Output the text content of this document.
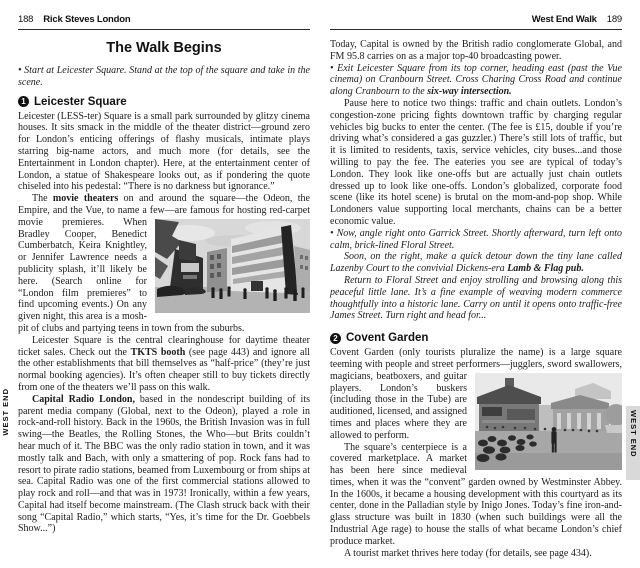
188 Rick Steves London
The Walk Begins

• Start at Leicester Square. Stand at the top of the square and take in the scene.

1 Leicester Square

Leicester (LESS-ter) Square is a small park surrounded by glitzy cinema houses. It sits smack in the middle of the theater district—ground zero for London’s enticing offerings of flashy musicals, intimate plays starring big-name actors, and much more (for details, see the Entertainment in London chapter). Here, at the entertainment center of London, a statue of Shakespeare looks out, as if pondering the quote chiseled into his pedestal: “There is no darkness but ignorance.”

The movie theaters on and around the square—the Odeon, the Empire, and the Vue, to name a few—are famous for hosting
red-carpet movie premieres. When Bradley Cooper, Benedict Cumberbatch, Keira Knightley, or Jennifer Lawrence needs a publicity splash, it’ll likely be here. (Search online for “London film premieres” to find upcoming events.) On any given night, this area is a mosh-pit of clubs and partying teens in town from the suburbs.

Leicester Square is the central clearinghouse for daytime theater ticket sales. Check out the TKTS booth (see page 443) and ignore all the other establishments that bill themselves as “half-price” (they’re just normal booking agencies). It’s often cheaper still to buy tickets directly from one of the theaters we’ll pass on this walk.

Capital Radio London, based in the nondescript building of its parent media company (Global, next to the Odeon), played a role in rock-and-roll history. Back in the 1960s, the British Invasion was in full swing—the Beatles, the Rolling Stones, the Who—but Brits couldn’t hear much of it. The BBC was the only radio station in town, and it was mostly talk and Bach, with only a smattering of pop. Rock fans had to resort to pirate radio stations, beamed from Luxembourg or from ships at sea. Capital Radio was one of the first commercial stations allowed to play rock and roll—and that was in 1973! Ironically, within a few years, Capital had itself become mainstream. (The Clash struck back with their song “Capital Radio,” which starts, “Yes, it’s time for the Dr. Goebbels Show...”)

West End Walk 189

Today, Capital is owned by the British radio conglomerate Global, and FM 95.8 carries on as a major top-40 broadcasting power.

• Exit Leicester Square from its top corner, heading east (past the Vue cinema) on Cranbourn Street. Cross Charing Cross Road and continue along Cranbourn to the six-way intersection.

Pause here to notice two things: traffic and chain outlets. London’s congestion-zone pricing fights downtown traffic by charging regular vehicles big bucks to enter the center. (The fee is £15, double if you’re driving what’s considered a gas guzzler.) There’s still lots of traffic, but it is limited to residents, taxis, service vehicles, city buses...and those willing to pay the fee. The eateries you see are typical of today’s London. They look like one-offs but are actually just chain outlets dressed up to look like one-offs. London’s globalized, corporate food scene (like its hotel scene) is brutal on the mom-and-pop shop. While Londoners value supporting local merchants, chains can be a better economic value.

• Now, angle right onto Garrick Street. Shortly afterward, turn left onto calm, brick-lined Floral Street.

Soon, on the right, make a quick detour down the tiny lane called Lazenby Court to the convivial Dickens-era Lamb & Flag pub.

Return to Floral Street and enjoy strolling and browsing along this peaceful little lane. It’s a fine example of weaving modern commerce thoughtfully into a historic lane. Carry on until it opens onto traffic-free James Street. Turn right and head for...

2 Covent Garden

Covent Garden (only tourists pluralize the name) is a large square teeming with people and street performers—jugglers, sword
swallowers, magicians, beatboxers, and guitar players. London’s buskers (including those in the Tube) are auditioned, licensed, and assigned times and places where they are allowed to perform.

The square’s centerpiece is a covered marketplace. A market has been here since medieval times, when it was the “convent” garden owned by Westminster Abbey. In the 1600s, it became a housing development with this courtyard as its center, done in the Palladian style by Inigo Jones. Today’s fine iron-and-glass structure was built in 1830 (when such buildings were all the Industrial Age rage) to house the stalls of what became London’s chief produce market.

A tourist market thrives here today (for details, see page 434).

WEST END	WEST END
